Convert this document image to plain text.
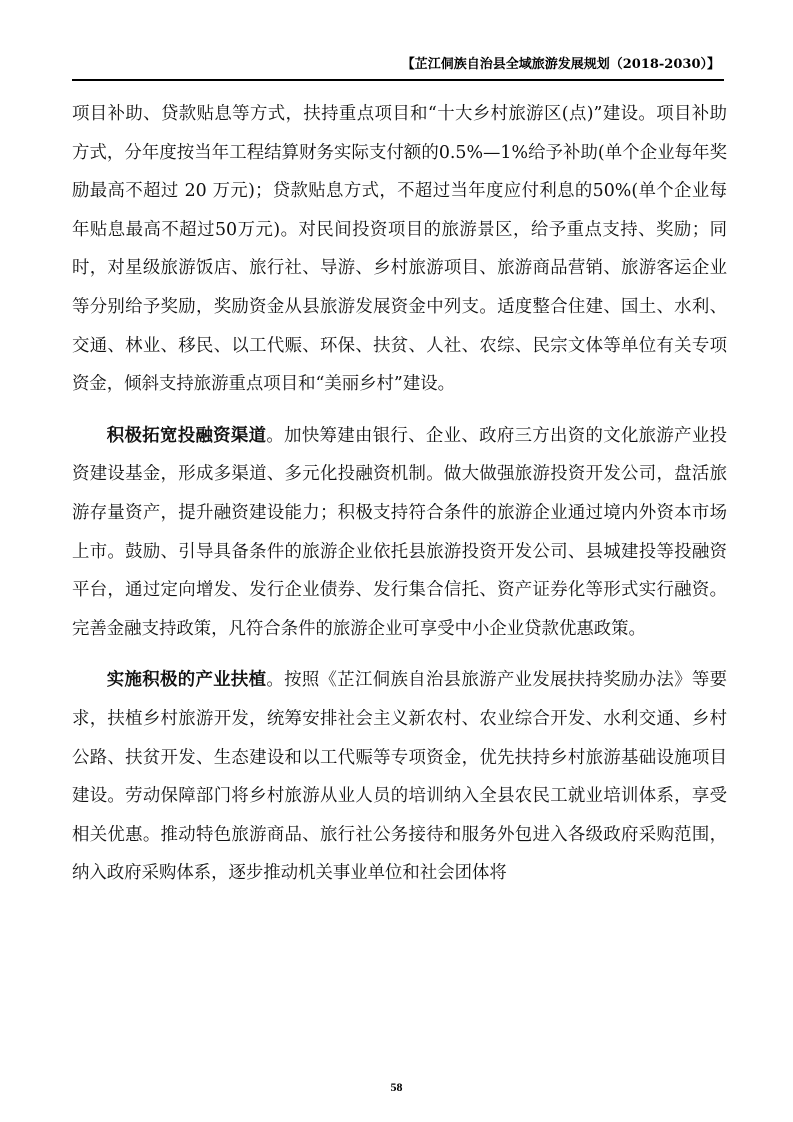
【芷江侗族自治县全域旅游发展规划（2018-2030）】

项目补助、贷款贴息等方式，扶持重点项目和“十大乡村旅游区(点)”建设。项目补助方式，分年度按当年工程结算财务实际支付额的0.5%—1%给予补助(单个企业每年奖励最高不超过 20 万元)；贷款贴息方式，不超过当年度应付利息的50%(单个企业每年贴息最高不超过50万元)。对民间投资项目的旅游景区，给予重点支持、奖励；同时，对星级旅游饭店、旅行社、导游、乡村旅游项目、旅游商品营销、旅游客运企业等分别给予奖励，奖励资金从县旅游发展资金中列支。适度整合住建、国土、水利、交通、林业、移民、以工代赈、环保、扶贫、人社、农综、民宗文体等单位有关专项资金，倾斜支持旅游重点项目和“美丽乡村”建设。

积极拓宽投融资渠道。加快筹建由银行、企业、政府三方出资的文化旅游产业投资建设基金，形成多渠道、多元化投融资机制。做大做强旅游投资开发公司，盘活旅游存量资产，提升融资建设能力；积极支持符合条件的旅游企业通过境内外资本市场上市。鼓励、引导具备条件的旅游企业依托县旅游投资开发公司、县城建投等投融资平台，通过定向增发、发行企业债券、发行集合信托、资产证券化等形式实行融资。完善金融支持政策，凡符合条件的旅游企业可享受中小企业贷款优惠政策。

实施积极的产业扶植。按照《芷江侗族自治县旅游产业发展扶持奖励办法》等要求，扶植乡村旅游开发，统筹安排社会主义新农村、农业综合开发、水利交通、乡村公路、扶贫开发、生态建设和以工代赈等专项资金，优先扶持乡村旅游基础设施项目建设。劳动保障部门将乡村旅游从业人员的培训纳入全县农民工就业培训体系，享受相关优惠。推动特色旅游商品、旅行社公务接待和服务外包进入各级政府采购范围，纳入政府采购体系，逐步推动机关事业单位和社会团体将

58
